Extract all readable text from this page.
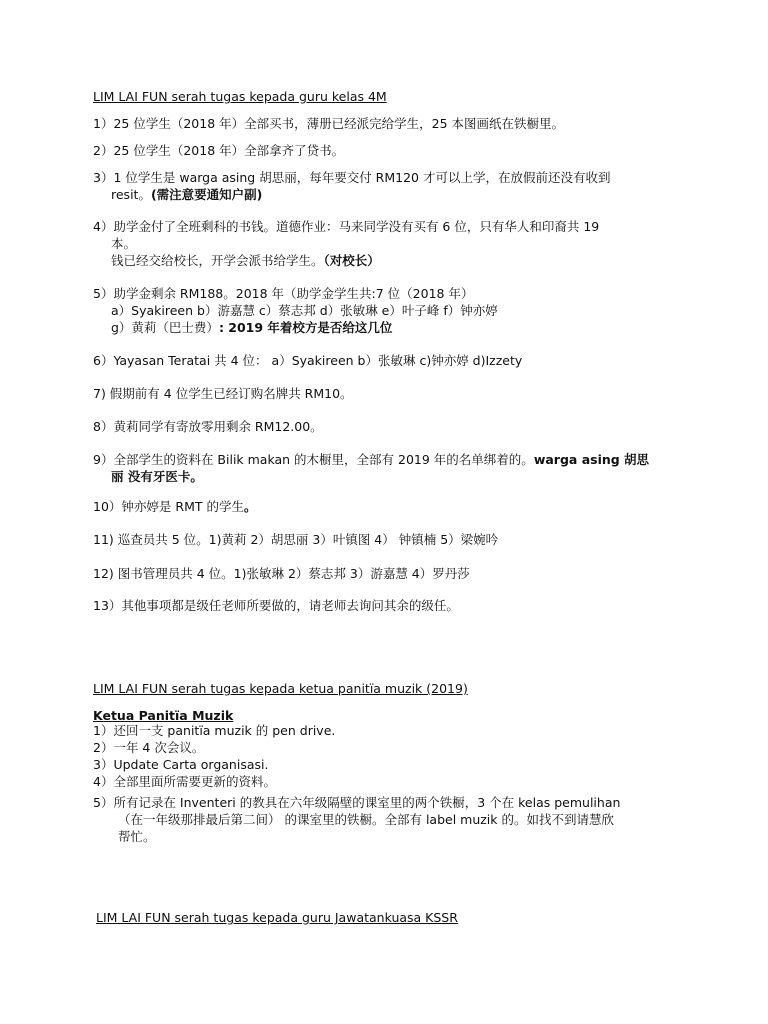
LIM LAI FUN serah tugas kepada guru kelas 4M
1）25 位学生（2018 年）全部买书，薄册已经派完给学生，25 本图画纸在铁橱里。
2）25 位学生（2018 年）全部拿齐了贷书。
3）1 位学生是 warga asing 胡思丽，每年要交付 RM120 才可以上学，在放假前还没有收到
resit。(需注意要通知户副)
4）助学金付了全班剩科的书钱。道德作业：马来同学没有买有 6 位，只有华人和印裔共 19
本。
钱已经交给校长，开学会派书给学生。（对校长）
5）助学金剩余 RM188。2018 年（助学金学生共:7 位（2018 年）
a）Syakireen b）游嘉慧 c）蔡志邦 d）张敏琳 e）叶子峰 f）钟亦婷
g）黄莉（巴士费）: 2019 年着校方是否给这几位
6）Yayasan Teratai 共 4 位： a）Syakireen b）张敏琳 c)钟亦婷 d)Izzety
7) 假期前有 4 位学生已经订购名牌共 RM10。
8）黄莉同学有寄放零用剩余 RM12.00。
9）全部学生的资料在 Bilik makan 的木橱里，全部有 2019 年的名单绑着的。warga asing 胡思
丽 没有牙医卡。
10）钟亦婷是 RMT 的学生。
11) 巡查员共 5 位。1)黄莉 2）胡思丽 3）叶镇图 4） 钟镇楠 5）梁婉吟
12) 图书管理员共 4 位。1)张敏琳 2）蔡志邦 3）游嘉慧 4）罗丹莎
13）其他事项都是级任老师所要做的，请老师去询问其余的级任。
LIM LAI FUN serah tugas kepada ketua panitïa muzik (2019)
Ketua Panitïa Muzik
1）还回一支 panitïa muzik 的 pen drive.
2）一年 4 次会议。
3）Update Carta organisasi.
4）全部里面所需要更新的资料。
5）所有记录在 Inventeri 的教具在六年级隔壁的课室里的两个铁橱，3 个在 kelas pemulihan
（在一年级那排最后第二间） 的课室里的铁橱。全部有 label muzik 的。如找不到请慧欣
帮忙。
LIM LAI FUN serah tugas kepada guru Jawatankuasa KSSR
